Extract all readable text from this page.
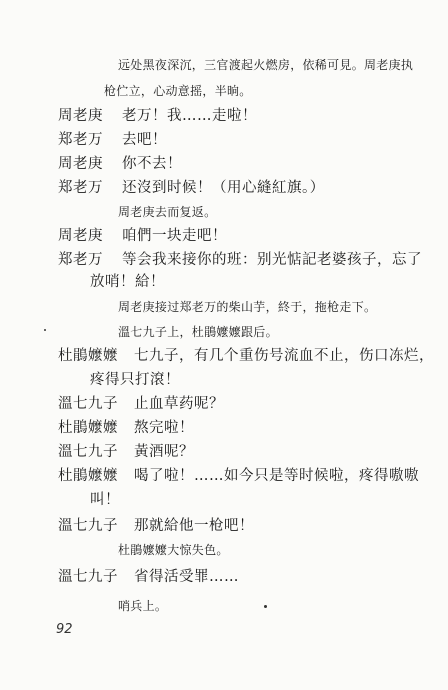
远处黑夜深沉，三官渡起火燃房，依稀可見。周老庚执
枪伫立，心动意摇，半晌。
周老庚 老万！我……走啦！
郑老万 去吧！
周老庚 你不去！
郑老万 还沒到时候！（用心縫紅旗。）
周老庚去而复返。
周老庚 咱們一块走吧！
郑老万 等会我来接你的班：别光惦記老婆孩子，忘了
放哨！給！
周老庚接过郑老万的柴山芋，終于，拖枪走下。
溫七九子上，杜鵑嬤嬤跟后。
杜鵑嬤嬤 七九子，有几个重伤号流血不止，伤口冻烂，
疼得只打滾！
溫七九子 止血草药呢？
杜鵑嬤嬤 熬完啦！
溫七九子 黃酒呢？
杜鵑嬤嬤 喝了啦！……如今只是等时候啦，疼得嗷嗷
叫！
溫七九子 那就給他一枪吧！
杜鵑嬤嬤大惊失色。
溫七九子 省得活受罪……
哨兵上。
92
